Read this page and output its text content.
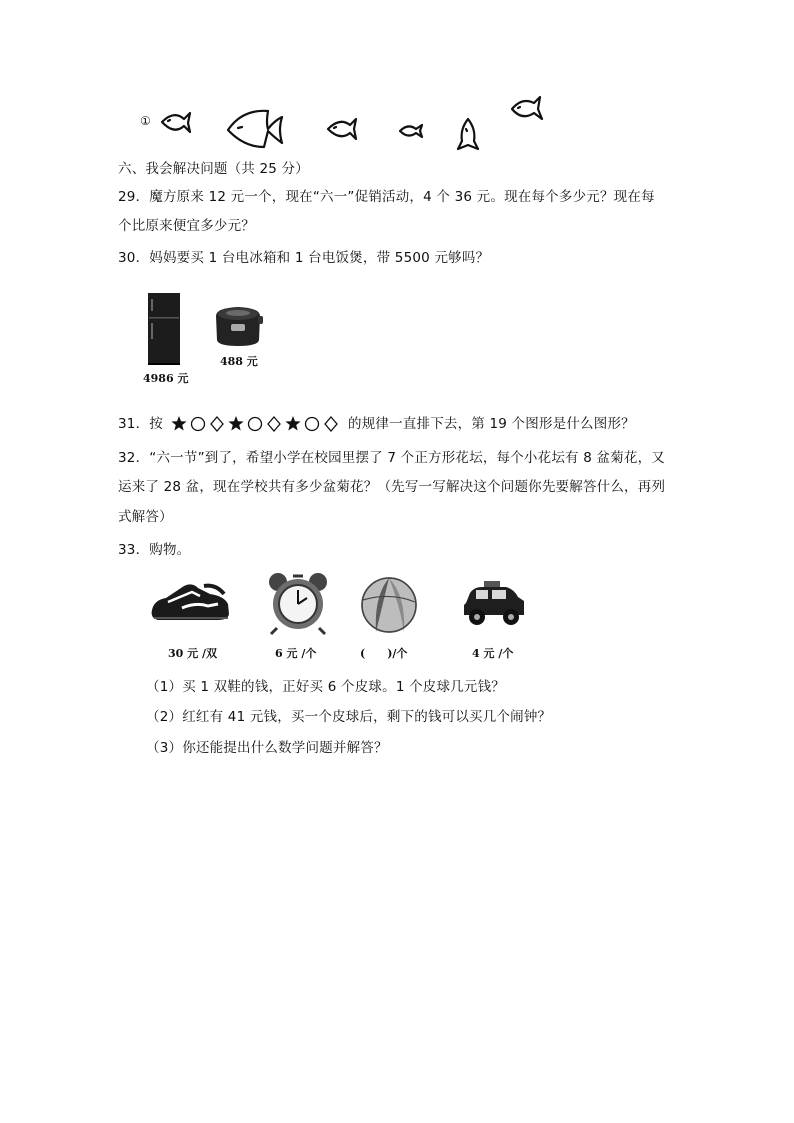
①
六、我会解决问题（共 25 分）
29．魔方原来 12 元一个，现在“六一”促销活动，4 个 36 元。现在每个多少元？现在每
个比原来便宜多少元？
30．妈妈要买 1 台电冰箱和 1 台电饭煲，带 5500 元够吗？
4986 元
488 元
31．按	的规律一直排下去，第 19 个图形是什么图形？
32．“六一节”到了，希望小学在校园里摆了 7 个正方形花坛，每个小花坛有 8 盆菊花，又
运来了 28 盆，现在学校共有多少盆菊花？（先写一写解决这个问题你先要解答什么，再列
式解答）
33．购物。
30 元 /双	6 元 /个	(　　)/个	4 元 /个
（1）买 1 双鞋的钱，正好买 6 个皮球。1 个皮球几元钱？
（2）红红有 41 元钱，买一个皮球后，剩下的钱可以买几个闹钟？
（3）你还能提出什么数学问题并解答？
